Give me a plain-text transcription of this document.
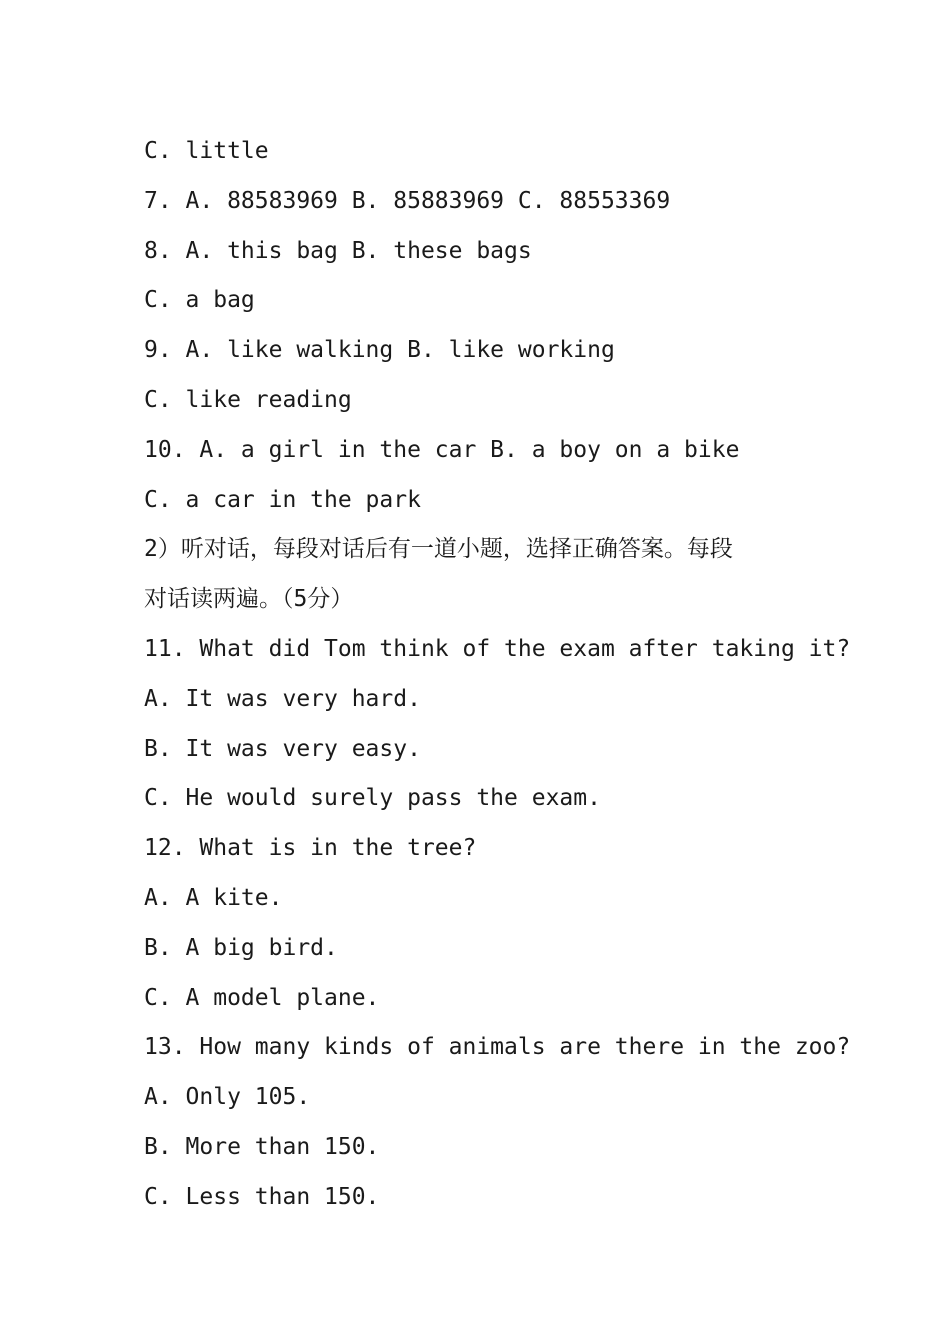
C. little
7. A. 88583969 B. 85883969 C. 88553369
8. A. this bag B. these bags
C. a bag
9. A. like walking B. like working
C. like reading
10. A. a girl in the car B. a boy on a bike
C. a car in the park
2）听对话，每段对话后有一道小题，选择正确答案。每段
对话读两遍。（5分）
11. What did Tom think of the exam after taking it?
A. It was very hard.
B. It was very easy.
C. He would surely pass the exam.
12. What is in the tree?
A. A kite.
B. A big bird.
C. A model plane.
13. How many kinds of animals are there in the zoo?
A. Only 105.
B. More than 150.
C. Less than 150.
